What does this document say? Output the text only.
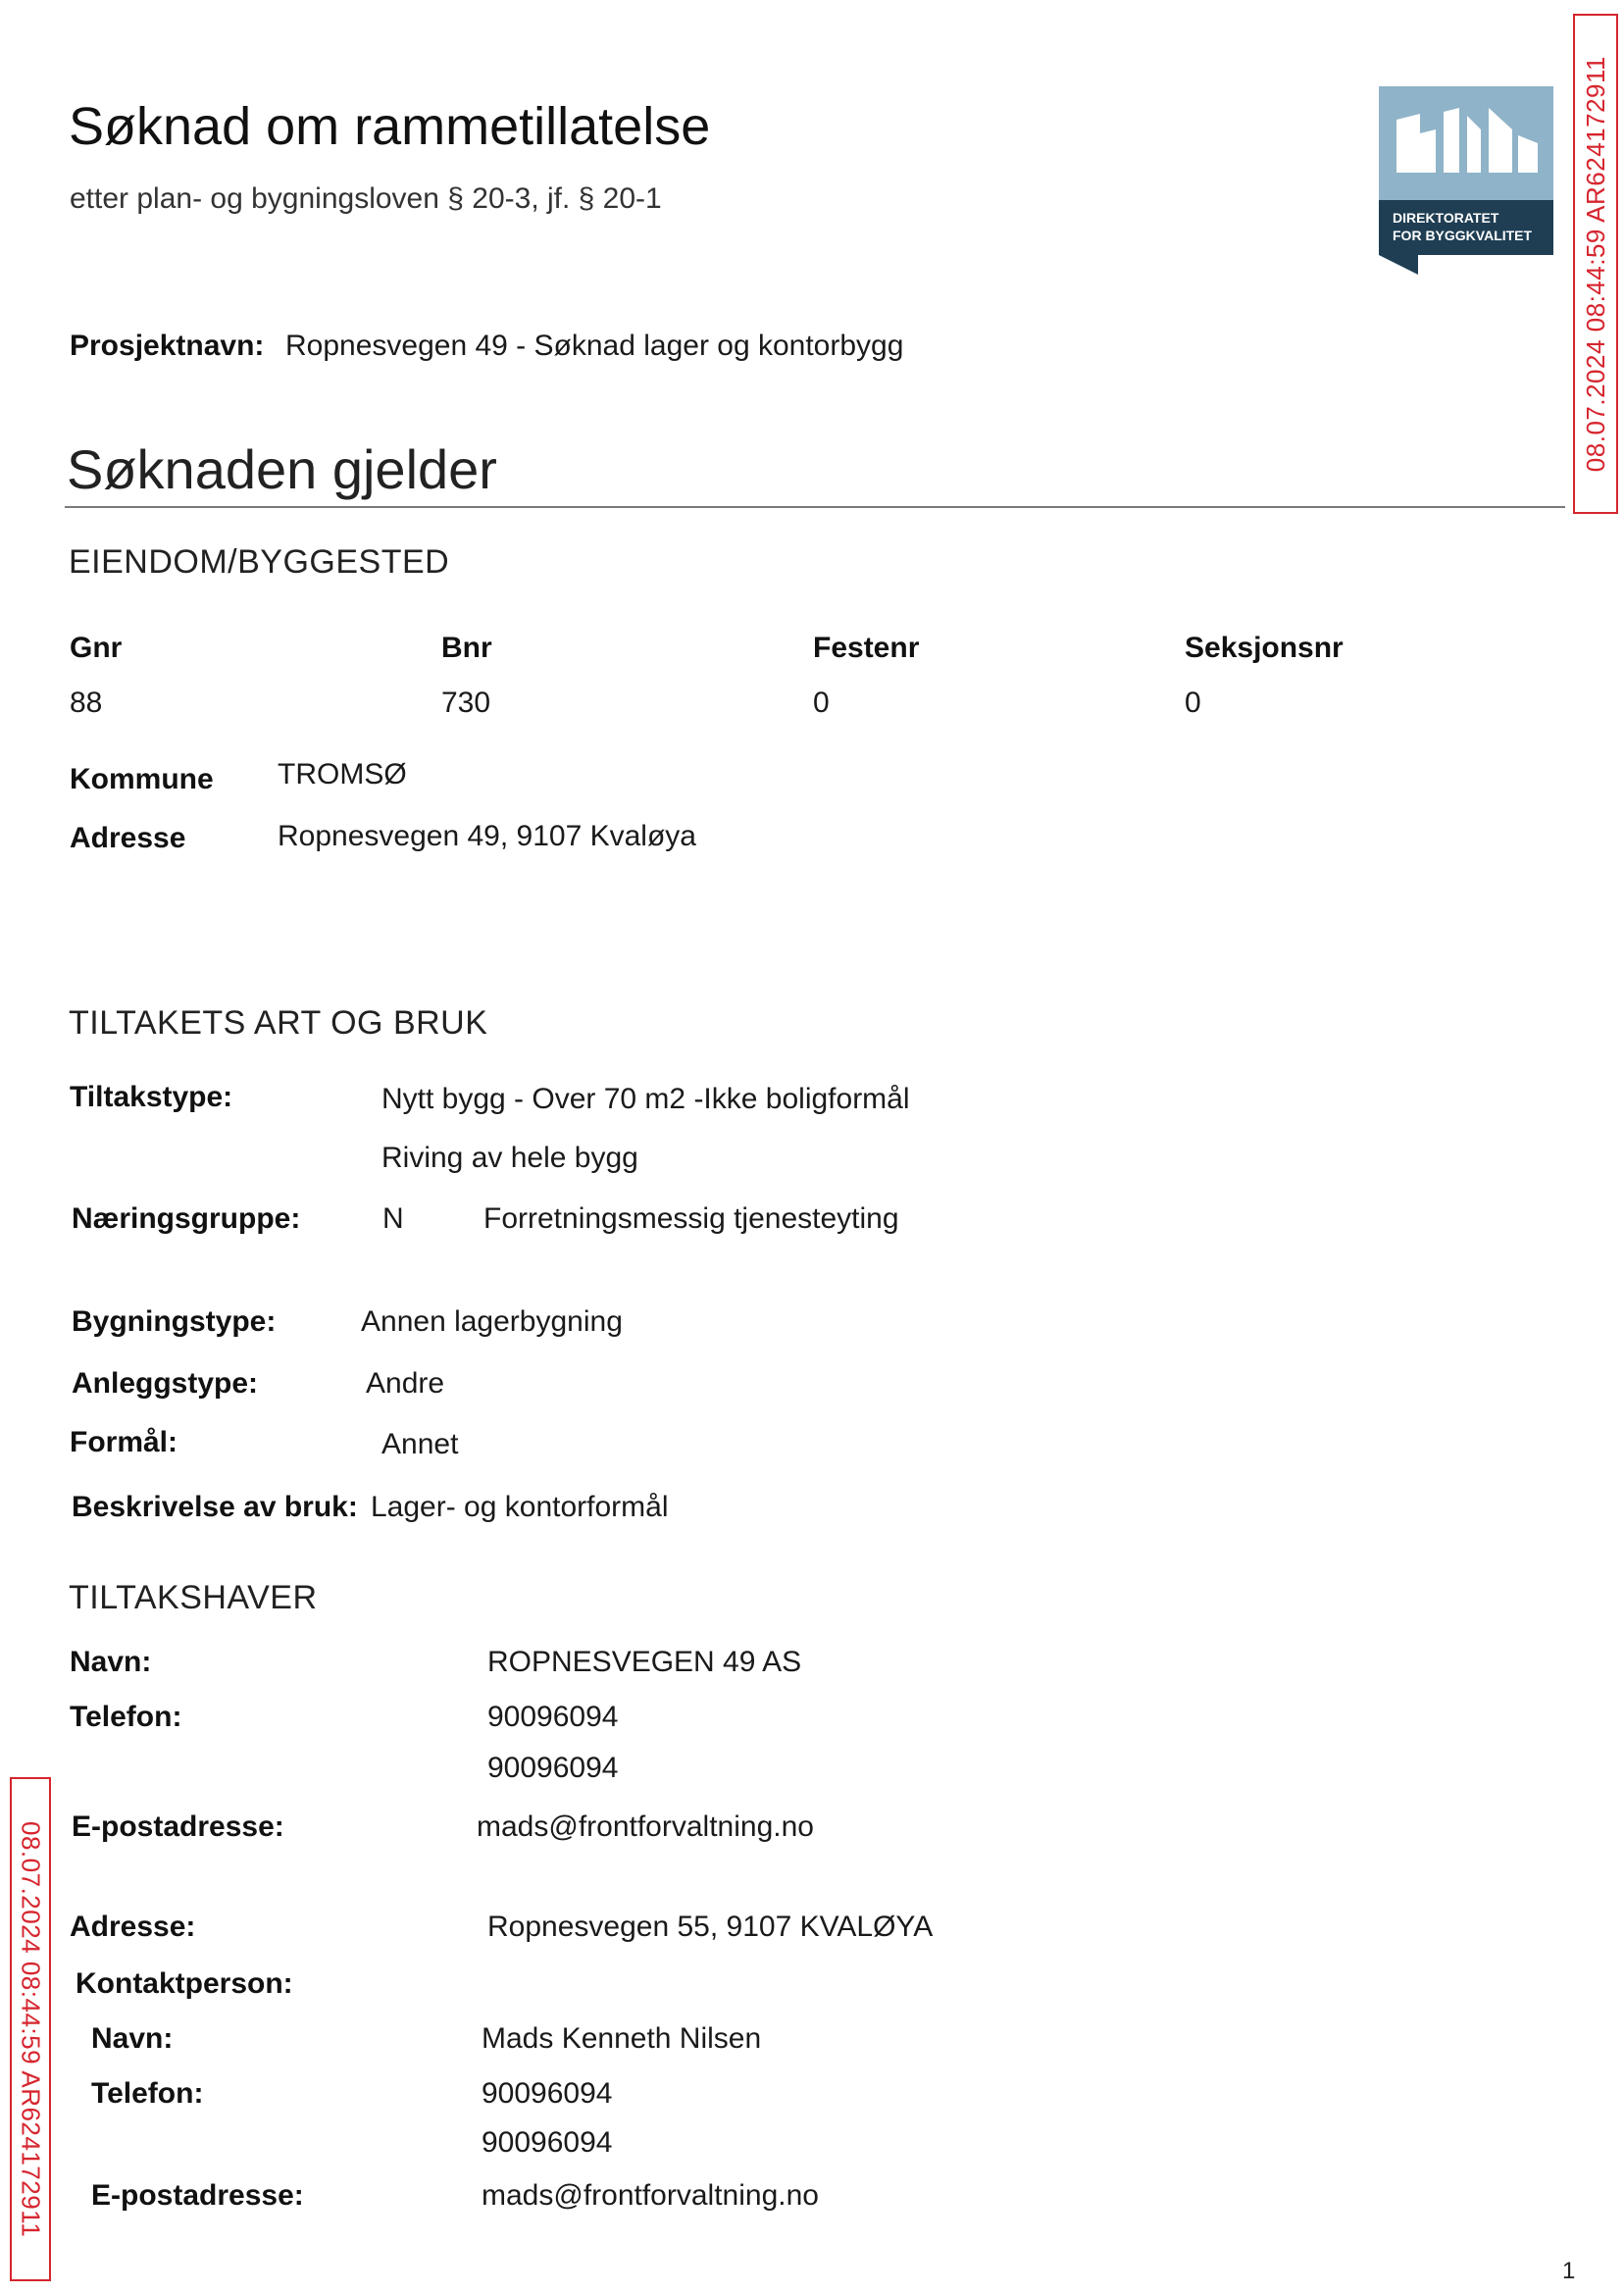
Søknad om rammetillatelse
etter plan- og bygningsloven § 20-3, jf. § 20-1
DIREKTORATET
FOR BYGGKVALITET 08.07.2024 08:44:59 AR624172911
08.07.2024 08:44:59 AR624172911
Prosjektnavn: Ropnesvegen 49 - Søknad lager og kontorbygg
Søknaden gjelder
EIENDOM/BYGGESTED
Gnr	Bnr	Festenr	Seksjonsnr
88	730	0	0
Kommune TROMSØ
Adresse	Ropnesvegen 49, 9107 Kvaløya
TILTAKETS ART OG BRUK
Tiltakstype:	Nytt bygg - Over 70 m2 -Ikke boligformål
Riving av hele bygg
Næringsgruppe:	N	Forretningsmessig tjenesteyting
Bygningstype:	Annen lagerbygning
Anleggstype:	Andre
Formål:	Annet
Beskrivelse av bruk: Lager- og kontorformål
TILTAKSHAVER
Navn:	ROPNESVEGEN 49 AS
Telefon:	90096094
90096094
E-postadresse:	mads@frontforvaltning.no
Adresse:	Ropnesvegen 55, 9107 KVALØYA
Kontaktperson:
Navn:	Mads Kenneth Nilsen
Telefon:	90096094
90096094
E-postadresse:	mads@frontforvaltning.no
1
